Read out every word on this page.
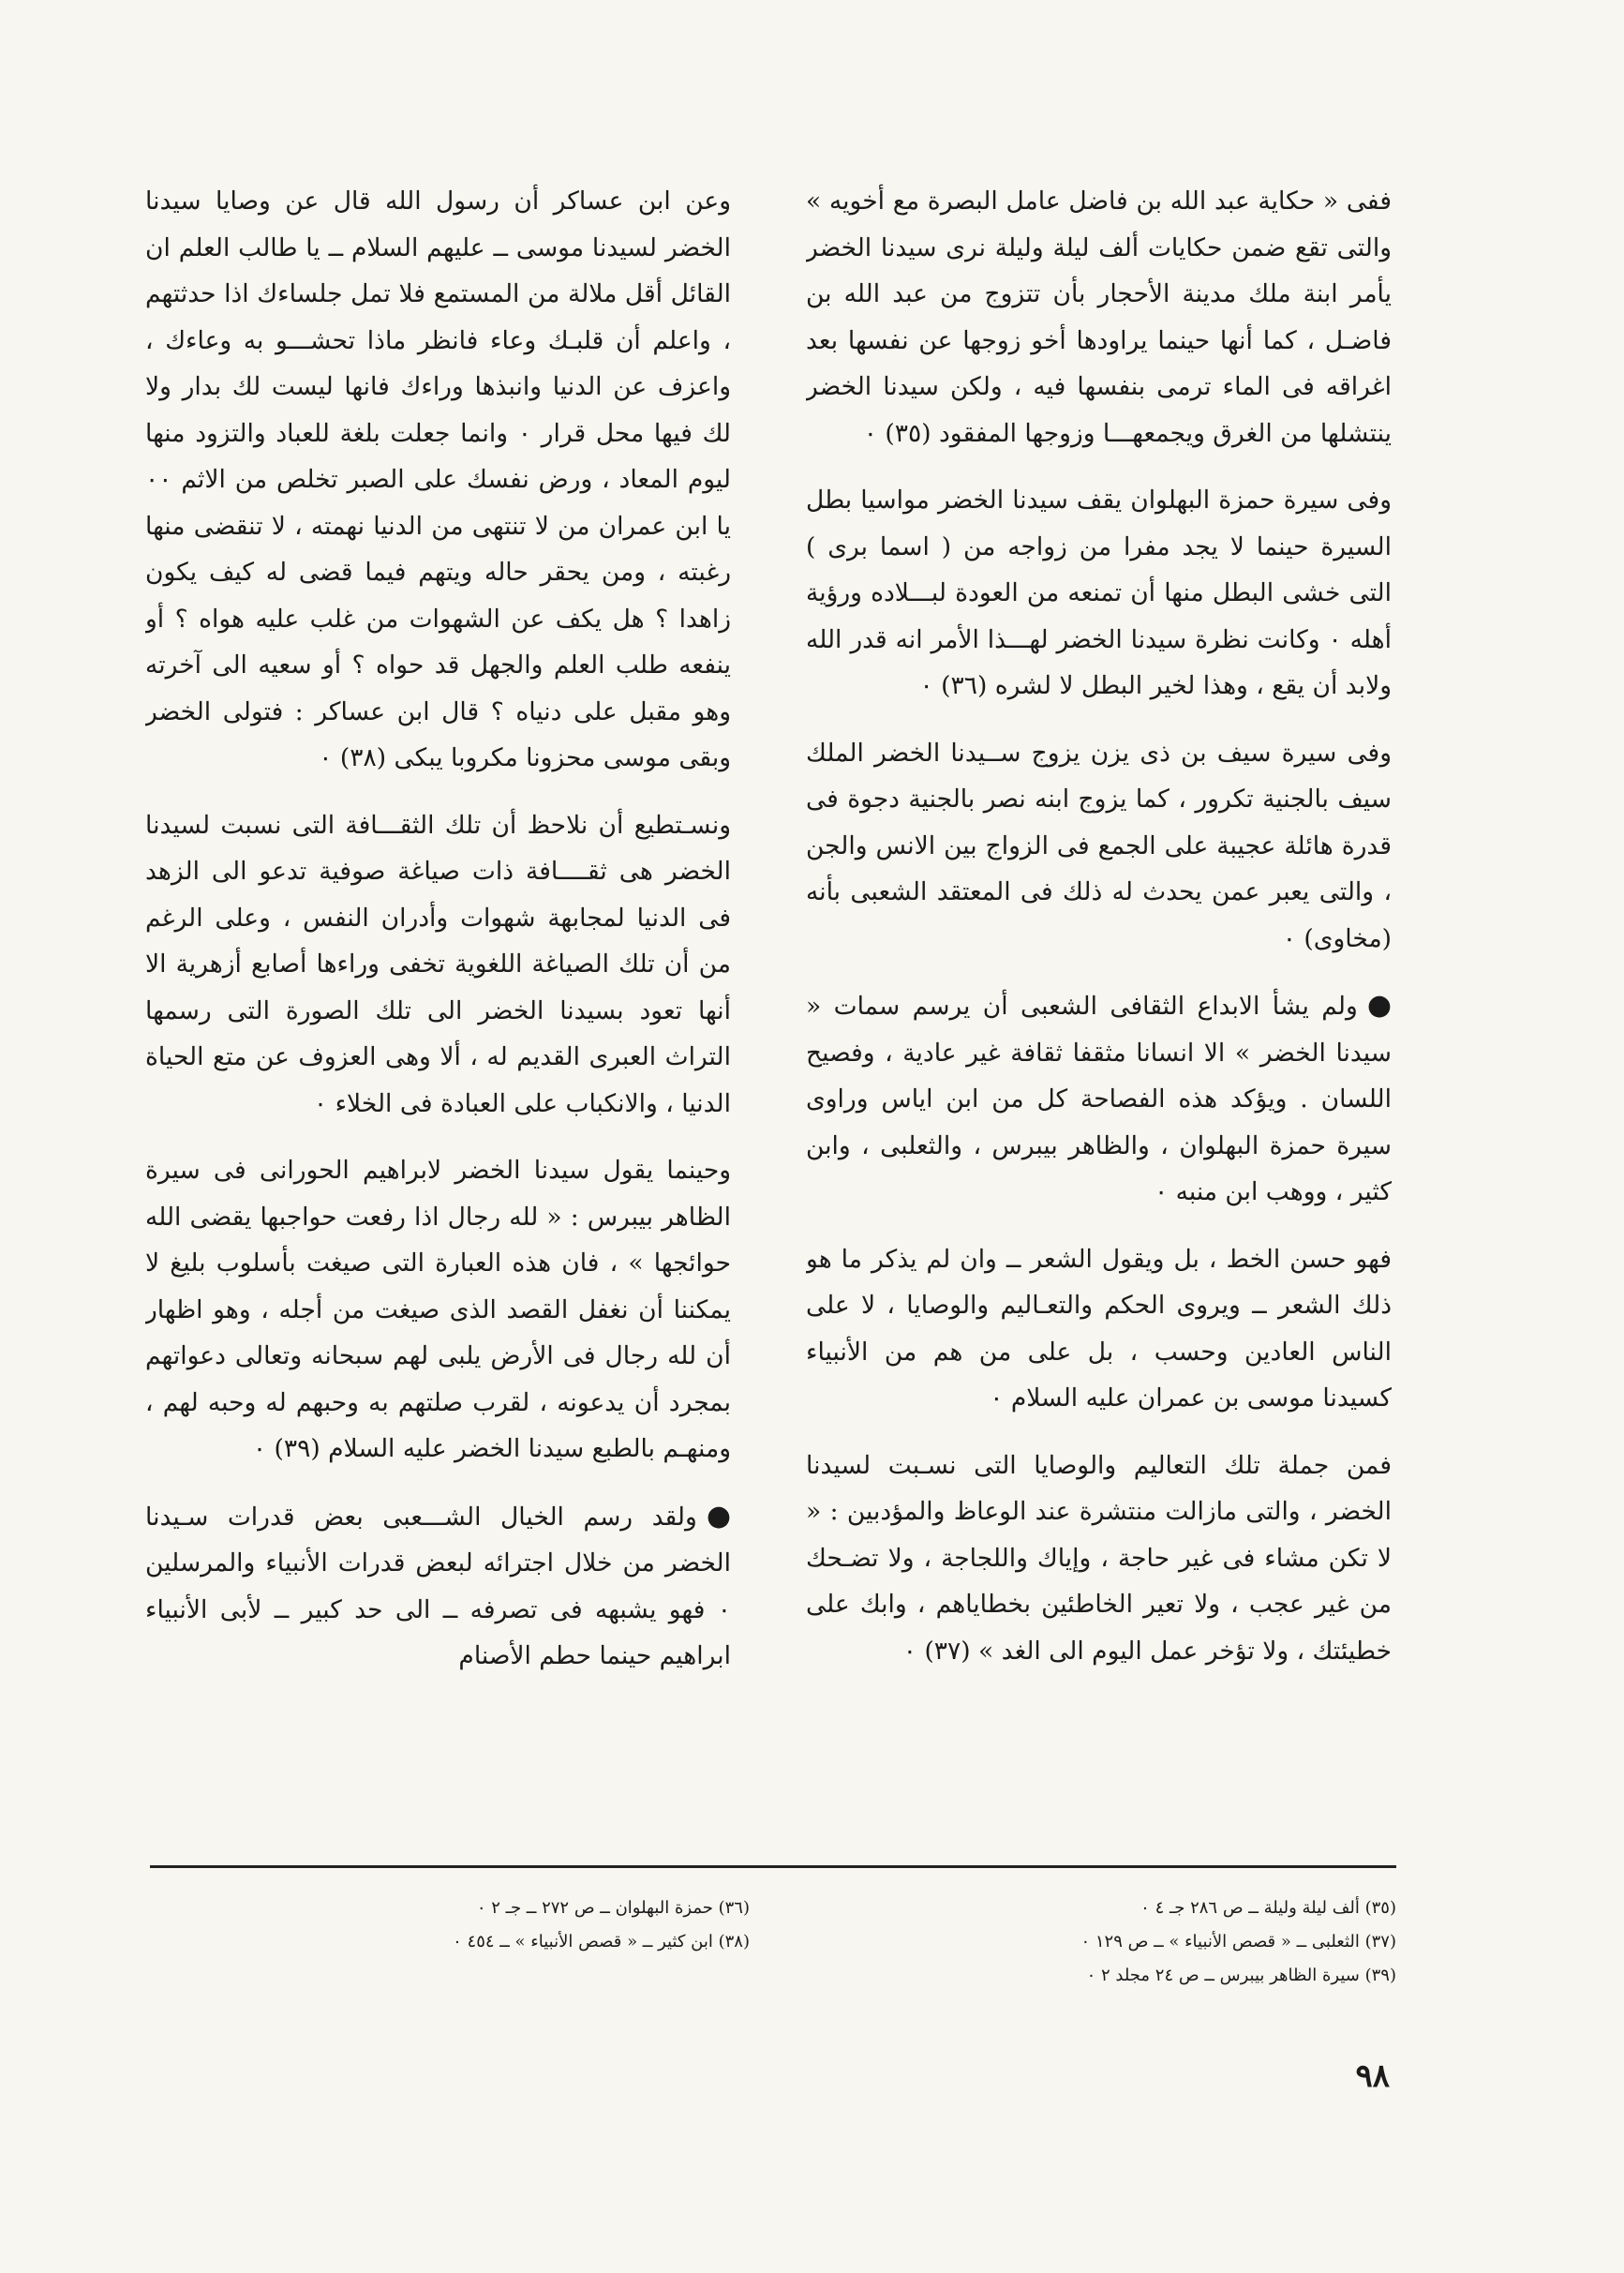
ففى « حكاية عبد الله بن فاضل عامل البصرة مع أخويه » والتى تقع ضمن حكايات ألف ليلة وليلة نرى سيدنا الخضر يأمر ابنة ملك مدينة الأحجار بأن تتزوج من عبد الله بن فاضـل ، كما أنها حينما يراودها أخو زوجها عن نفسها بعد اغراقه فى الماء ترمى بنفسها فيه ، ولكن سيدنا الخضر ينتشلها من الغرق ويجمعهـــا وزوجها المفقود (٣٥) ٠

وفى سيرة حمزة البهلوان يقف سيدنا الخضر مواسيا بطل السيرة حينما لا يجد مفرا من زواجه من ( اسما برى ) التى خشى البطل منها أن تمنعه من العودة لبـــلاده ورؤية أهله ٠ وكانت نظرة سيدنا الخضر لهـــذا الأمر انه قدر الله ولابد أن يقع ، وهذا لخير البطل لا لشره (٣٦) ٠

وفى سيرة سيف بن ذى يزن يزوج ســيدنا الخضر الملك سيف بالجنية تكرور ، كما يزوج ابنه نصر بالجنية دجوة فى قدرة هائلة عجيبة على الجمع فى الزواج بين الانس والجن ، والتى يعبر عمن يحدث له ذلك فى المعتقد الشعبى بأنه (مخاوى) ٠

● ولم يشأ الابداع الثقافى الشعبى أن يرسم سمات « سيدنا الخضر » الا انسانا مثقفا ثقافة غير عادية ، وفصيح اللسان . ويؤكد هذه الفصاحة كل من ابن اياس وراوى سيرة حمزة البهلوان ، والظاهر بيبرس ، والثعلبى ، وابن كثير ، ووهب ابن منبه ٠

فهو حسن الخط ، بل ويقول الشعر ــ وان لم يذكر ما هو ذلك الشعر ــ ويروى الحكم والتعـاليم والوصايا ، لا على الناس العادين وحسب ، بل على من هم من الأنبياء كسيدنا موسى بن عمران عليه السلام ٠

فمن جملة تلك التعاليم والوصايا التى نسـبت لسيدنا الخضر ، والتى مازالت منتشرة عند الوعاظ والمؤدبين : « لا تكن مشاء فى غير حاجة ، وإياك واللجاجة ، ولا تضـحك من غير عجب ، ولا تعير الخاطئين بخطاياهم ، وابك على خطيئتك ، ولا تؤخر عمل اليوم الى الغد » (٣٧) ٠

وعن ابن عساكر أن رسول الله قال عن وصايا سيدنا الخضر لسيدنا موسى ــ عليهم السلام ــ يا طالب العلم ان القائل أقل ملالة من المستمع فلا تمل جلساءك اذا حدثتهم ، واعلم أن قلبـك وعاء فانظر ماذا تحشـــو به وعاءك ، واعزف عن الدنيا وانبذها وراءك فانها ليست لك بدار ولا لك فيها محل قرار ٠ وانما جعلت بلغة للعباد والتزود منها ليوم المعاد ، ورض نفسك على الصبر تخلص من الاثم ٠٠ يا ابن عمران من لا تنتهى من الدنيا نهمته ، لا تنقضى منها رغبته ، ومن يحقر حاله ويتهم فيما قضى له كيف يكون زاهدا ؟ هل يكف عن الشهوات من غلب عليه هواه ؟ أو ينفعه طلب العلم والجهل قد حواه ؟ أو سعيه الى آخرته وهو مقبل على دنياه ؟ قال ابن عساكر : فتولى الخضر وبقى موسى محزونا مكروبا يبكى (٣٨) ٠

ونسـتطيع أن نلاحظ أن تلك الثقـــافة التى نسبت لسيدنا الخضر هى ثقــــافة ذات صياغة صوفية تدعو الى الزهد فى الدنيا لمجابهة شهوات وأدران النفس ، وعلى الرغم من أن تلك الصياغة اللغوية تخفى وراءها أصابع أزهرية الا أنها تعود بسيدنا الخضر الى تلك الصورة التى رسمها التراث العبرى القديم له ، ألا وهى العزوف عن متع الحياة الدنيا ، والانكباب على العبادة فى الخلاء ٠

وحينما يقول سيدنا الخضر لابراهيم الحورانى فى سيرة الظاهر بيبرس : « لله رجال اذا رفعت حواجبها يقضى الله حوائجها » ، فان هذه العبارة التى صيغت بأسلوب بليغ لا يمكننا أن نغفل القصد الذى صيغت من أجله ، وهو اظهار أن لله رجال فى الأرض يلبى لهم سبحانه وتعالى دعواتهم بمجرد أن يدعونه ، لقرب صلتهم به وحبهم له وحبه لهم ، ومنهـم بالطبع سيدنا الخضر عليه السلام (٣٩) ٠

● ولقد رسم الخيال الشـــعبى بعض قدرات سـيدنا الخضر من خلال اجترائه لبعض قدرات الأنبياء والمرسلين ٠ فهو يشبهه فى تصرفه ــ الى حد كبير ــ لأبى الأنبياء ابراهيم حينما حطم الأصنام

(٣٥) ألف ليلة وليلة ــ ص ٢٨٦ جـ ٤ ٠

(٣٧) الثعلبى ــ « قصص الأنبياء » ــ ص ١٢٩ ٠

(٣٩) سيرة الظاهر بيبرس ــ ص ٢٤ مجلد ٢ ٠

(٣٦) حمزة البهلوان ــ ص ٢٧٢ ــ جـ ٢ ٠

(٣٨) ابن كثير ــ « قصص الأنبياء » ــ ٤٥٤ ٠

٩٨
